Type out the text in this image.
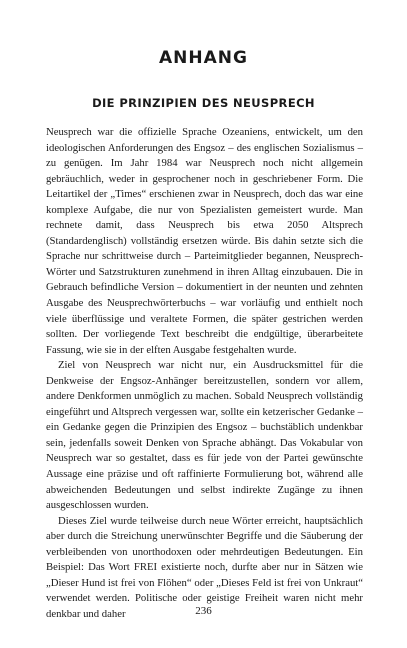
ANHANG
DIE PRINZIPIEN DES NEUSPRECH

Neusprech war die offizielle Sprache Ozeaniens, entwickelt, um den ideologischen Anforderungen des Engsoz – des englischen Sozialismus – zu genügen. Im Jahr 1984 war Neusprech noch nicht allgemein gebräuchlich, weder in gesprochener noch in geschriebener Form. Die Leitartikel der „Times“ erschienen zwar in Neusprech, doch das war eine komplexe Aufgabe, die nur von Spezialisten gemeistert wurde. Man rechnete damit, dass Neusprech bis etwa 2050 Altsprech (Standardenglisch) vollständig ersetzen würde. Bis dahin setzte sich die Sprache nur schrittweise durch – Parteimitglieder begannen, Neusprech-Wörter und Satzstrukturen zunehmend in ihren Alltag einzubauen. Die in Gebrauch befindliche Version – dokumentiert in der neunten und zehnten Ausgabe des Neusprechwörterbuchs – war vorläufig und enthielt noch viele überflüssige und veraltete Formen, die später gestrichen werden sollten. Der vorliegende Text beschreibt die endgültige, überarbeitete Fassung, wie sie in der elften Ausgabe festgehalten wurde.

Ziel von Neusprech war nicht nur, ein Ausdrucksmittel für die Denkweise der Engsoz-Anhänger bereitzustellen, sondern vor allem, andere Denkformen unmöglich zu machen. Sobald Neusprech vollständig eingeführt und Altsprech vergessen war, sollte ein ketzerischer Gedanke – ein Gedanke gegen die Prinzipien des Engsoz – buchstäblich undenkbar sein, jedenfalls soweit Denken von Sprache abhängt. Das Vokabular von Neusprech war so gestaltet, dass es für jede von der Partei gewünschte Aussage eine präzise und oft raffinierte Formulierung bot, während alle abweichenden Bedeutungen und selbst indirekte Zugänge zu ihnen ausgeschlossen wurden.

Dieses Ziel wurde teilweise durch neue Wörter erreicht, hauptsächlich aber durch die Streichung unerwünschter Begriffe und die Säuberung der verbleibenden von unorthodoxen oder mehrdeutigen Bedeutungen. Ein Beispiel: Das Wort FREI existierte noch, durfte aber nur in Sätzen wie „Dieser Hund ist frei von Flöhen“ oder „Dieses Feld ist frei von Unkraut“ verwendet werden. Politische oder geistige Freiheit waren nicht mehr denkbar und daher	236
